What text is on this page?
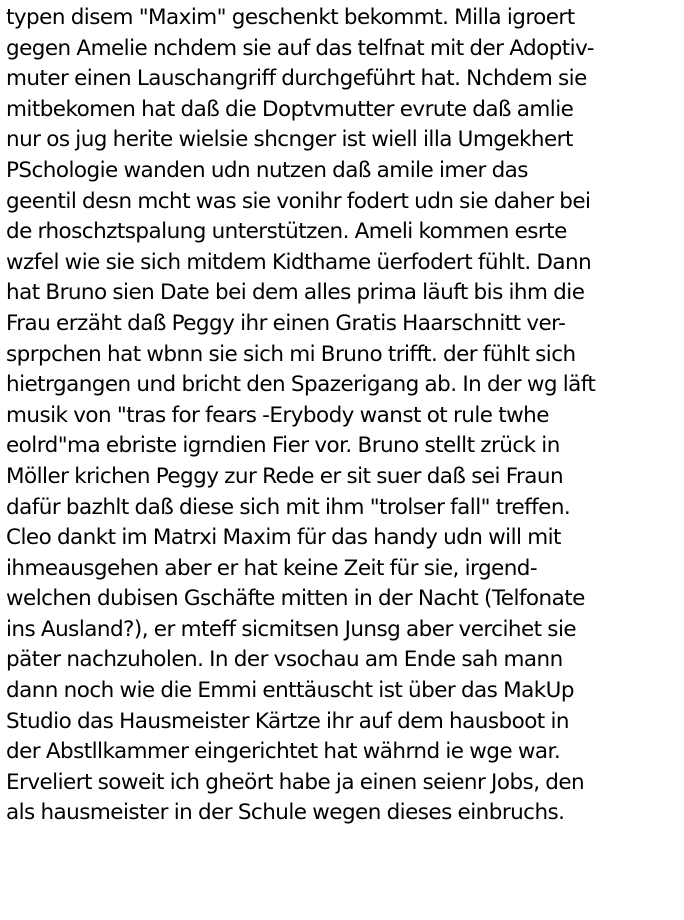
typen disem "Maxim" geschenkt bekommt. Milla igroert
gegen Amelie nchdem sie auf das telfnat mit der Adoptiv-
muter einen Lauschangriff durchgeführt hat. Nchdem sie
mitbekomen hat daß die Doptvmutter evrute daß amlie
nur os jug herite wielsie shcnger ist wiell illa Umgekhert
PSchologie wanden udn nutzen daß amile imer das
geentil desn mcht was sie vonihr fodert udn sie daher bei
de rhoschztspalung unterstützen. Ameli kommen esrte
wzfel wie sie sich mitdem Kidthame üerfodert fühlt. Dann
hat Bruno sien Date bei dem alles prima läuft bis ihm die
Frau erzäht daß Peggy ihr einen Gratis Haarschnitt ver-
sprpchen hat wbnn sie sich mi Bruno trifft. der fühlt sich
hietrgangen und bricht den Spazerigang ab. In der wg läft
musik von "tras for fears -Erybody wanst ot rule twhe
eolrd"ma ebriste igrndien Fier vor. Bruno stellt zrück in
Möller krichen Peggy zur Rede er sit suer daß sei Fraun
dafür bazhlt daß diese sich mit ihm "trolser fall" treffen.
Cleo dankt im Matrxi Maxim für das handy udn will mit
ihmeausgehen aber er hat keine Zeit für sie, irgend-
welchen dubisen Gschäfte mitten in der Nacht (Telfonate
ins Ausland?), er mteff sicmitsen Junsg aber vercihet sie
päter nachzuholen. In der vsochau am Ende sah mann
dann noch wie die Emmi enttäuscht ist über das MakUp
Studio das Hausmeister Kärtze ihr auf dem hausboot in
der Abstllkammer eingerichtet hat währnd ie wge war.
Erveliert soweit ich gheört habe ja einen seienr Jobs, den
als hausmeister in der Schule wegen dieses einbruchs.
